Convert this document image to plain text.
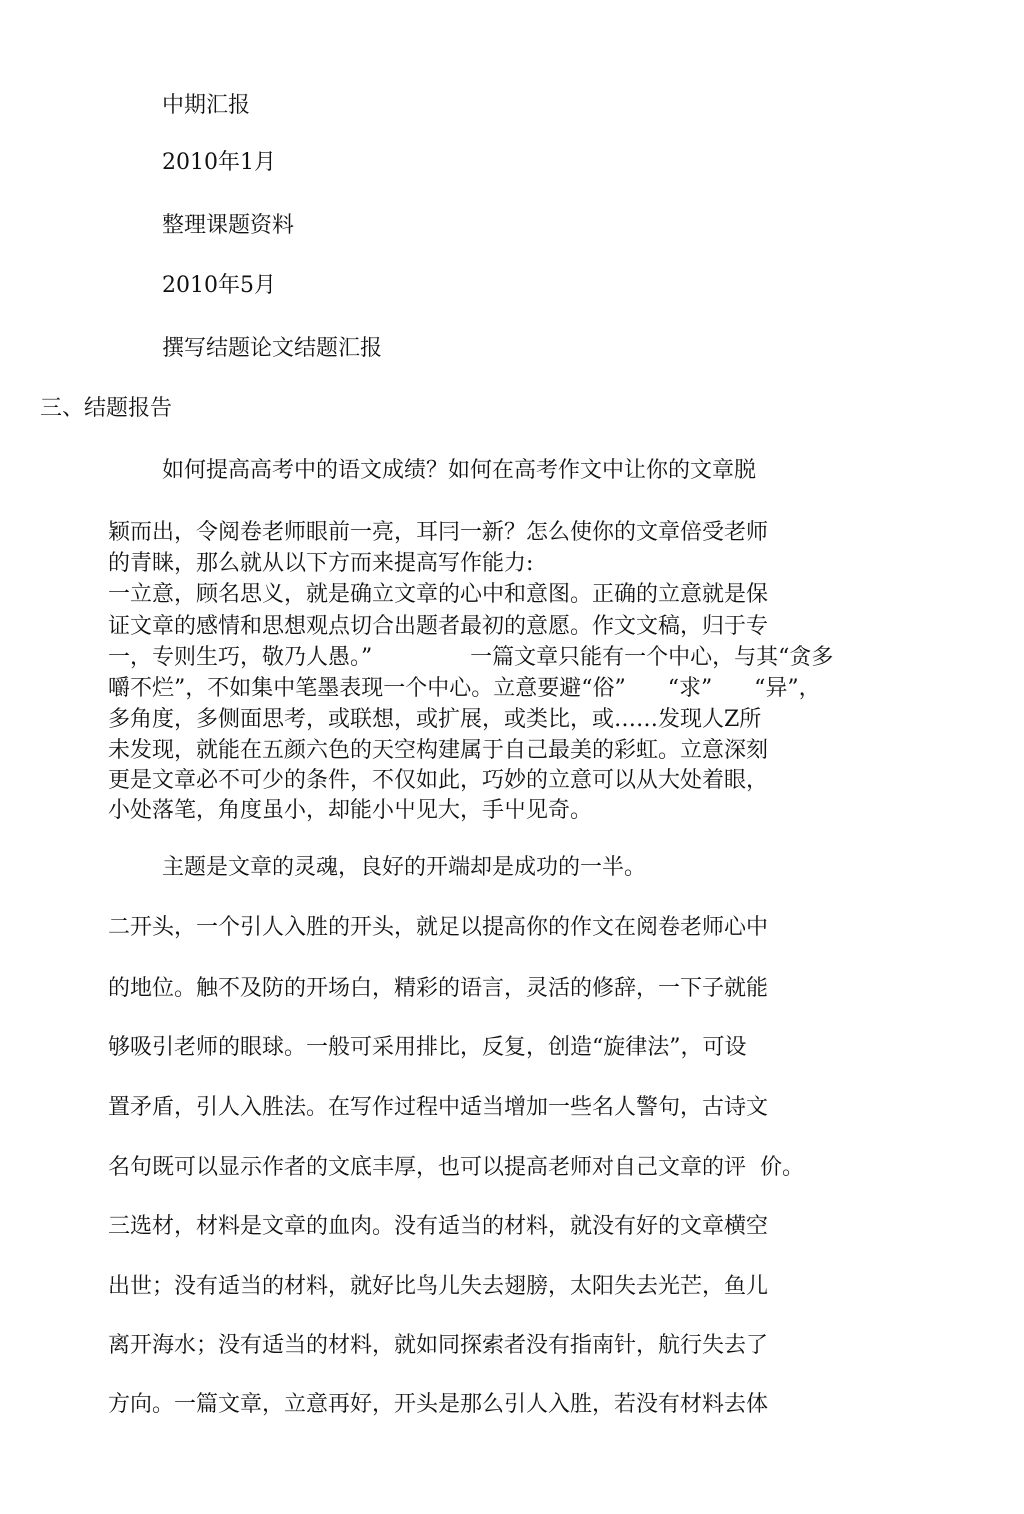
中期汇报

2010年1月

整理课题资料

2010年5月

撰写结题论文结题汇报

三、结题报告

如何提高高考中的语文成绩？如何在高考作文中让你的文章脱

颖而出，令阅卷老师眼前一亮，耳冃一新？怎么使你的文章倍受老师

的青睐，那么就从以下方而来提高写作能力:

一立意，顾名思义，就是确立文章的心中和意图。正确的立意就是保

证文章的感情和思想观点切合出题者最初的意愿。作文文稿，归于专

一，专则生巧，敬乃人愚。”              一篇文章只能有一个中心，与其“贪多

嚼不烂”，不如集中笔墨表现一个中心。立意要避“俗”      “求”      “异”，

多角度，多侧面思考，或联想，或扩展，或类比，或……发现人Z所

未发现，就能在五颜六色的天空构建属于自己最美的彩虹。立意深刻

更是文章必不可少的条件，不仅如此，巧妙的立意可以从大处着眼，

小处落笔，角度虽小，却能小屮见大，手屮见奇。

主题是文章的灵魂，良好的开端却是成功的一半。

二开头，一个引人入胜的开头，就足以提高你的作文在阅卷老师心中

的地位。触不及防的开场白，精彩的语言，灵活的修辞，一下子就能

够吸引老师的眼球。一般可采用排比，反复，创造“旋律法”，可设

置矛盾，引人入胜法。在写作过程中适当增加一些名人警句，古诗文

名句既可以显示作者的文底丰厚，也可以提高老师对自己文章的评  价。

三选材，材料是文章的血肉。没有适当的材料，就没有好的文章横空

出世；没有适当的材料，就好比鸟儿失去翅膀，太阳失去光芒，鱼儿

离开海水；没有适当的材料，就如同探索者没有指南针，航行失去了

方向。一篇文章，立意再好，开头是那么引人入胜，若没有材料去体
